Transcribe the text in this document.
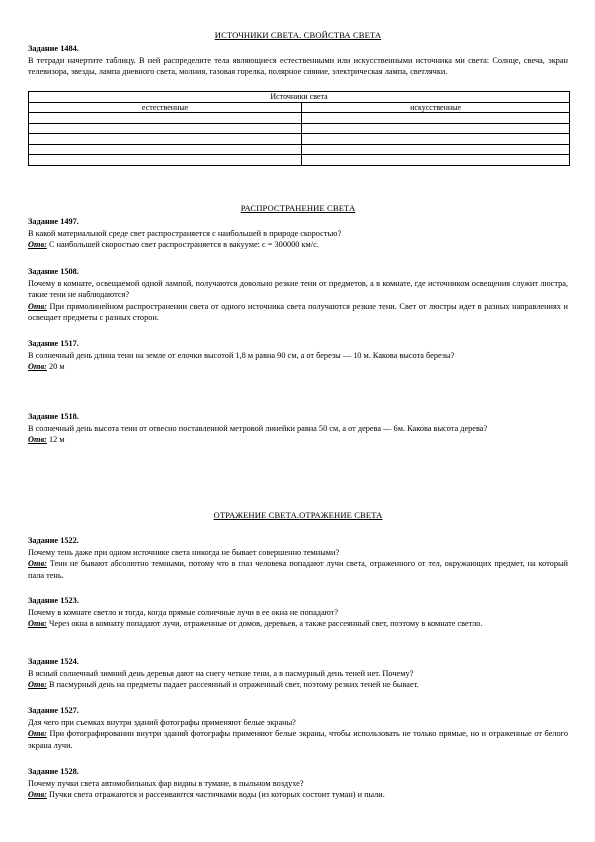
ИСТОЧНИКИ СВЕТА. СВОЙСТВА СВЕТА
Задание 1484.
В тетради начертите таблицу. В ней распределите тела являющиеся естественными или искусственными источника ми света: Солнце, свеча, экран телевизора, звезды, лампа дневного света, молния, газовая горелка, полярное сияние, электрическая лампа, светлячки.
Источники света	
естественные	искусственные

РАСПРОСТРАНЕНИЕ СВЕТА
Задание 1497.
В какой материальной среде свет распространяется с наибольшей в природе скоростью?
Отв: С наибольшей скоростью свет распространяется в вакууме: c = 300000 км/с.
Задание 1508.
Почему в комнате, освещаемой одной лампой, получаются довольно резкие тени от предметов, а в комнате, где источником освещения служит люстра, такие тени не наблюдаются?
Отв: При прямолинейном распространении света от одного источника света получаются резкие тени. Свет от люстры идет в разных направлениях и освещает предметы с разных сторон.
Задание 1517.
В солнечный день длина тени на земле от елочки высотой 1,8 м равна 90 см, а от березы — 10 м. Какова высота березы?
Отв: 20 м
Задание 1518.
В солнечный день высота тени от отвесно поставленной метровой линейки равна 50 см, а от дерева — 6м. Какова высота дерева?
Отв: 12 м
ОТРАЖЕНИЕ СВЕТА.ОТРАЖЕНИЕ СВЕТА
Задание 1522.
Почему тень даже при одном источнике света никогда не бывает совершенно темными?
Отв: Тени не бывают абсолютно темными, потому что в глаз человека попадают лучи света, отраженного от тел, окружающих предмет, на который пала тень.
Задание 1523.
Почему в комнате светло и тогда, когда прямые солнечные лучи в ее окна не попадают?
Отв: Через окна в комнату попадают лучи, отраженные от домов, деревьев, а также рассеянный свет, поэтому в комнате светло.
Задание 1524.
В ясный солнечный зимний день деревья дают на снегу четкие тени, а в пасмурный день теней нет. Почему?
Отв: В пасмурный день на предметы падает рассеянный и отраженный свет, поэтому резких теней не бывает.
Задание 1527.
Для чего при съемках внутри зданий фотографы применяют белые экраны?
Отв: При фотографировании внутри зданий фотографы применяют белые экраны, чтобы использовать не только прямые, но и отраженные от белого экрана лучи.
Задание 1528.
Почему пучки света автомобильных фар видны в тумане, в пыльном воздухе?
Отв: Пучки света отражаются и рассеиваются частичками воды (из которых состоит туман) и пыли.
